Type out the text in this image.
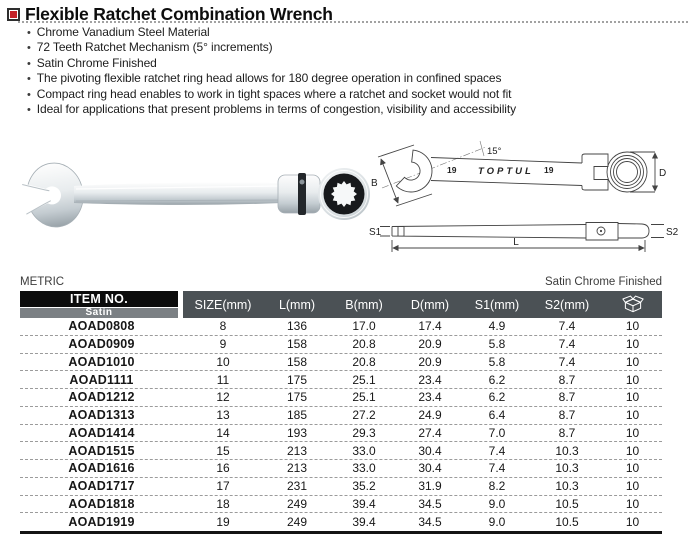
Flexible Ratchet Combination Wrench
• Chrome Vanadium Steel Material
• 72 Teeth Ratchet Mechanism (5° increments)
• Satin Chrome Finished
• The pivoting flexible ratchet ring head allows for 180 degree operation in confined spaces
• Compact ring head enables to work in tight spaces where a ratchet and socket would not fit
• Ideal for applications that present problems in terms of congestion, visibility and accessibility
B
15°
19 TOPTUL 19	D
S1	S2
L
METRIC	Satin Chrome Finished
ITEM NO.
Satin
SIZE(mm)	L(mm)	B(mm)	D(mm)	S1(mm)	S2(mm)
AOAD0808	8	136	17.0	17.4	4.9	7.4	10
AOAD0909	9	158	20.8	20.9	5.8	7.4	10
AOAD1010	10	158	20.8	20.9	5.8	7.4	10
AOAD1111	11	175	25.1	23.4	6.2	8.7	10
AOAD1212	12	175	25.1	23.4	6.2	8.7	10
AOAD1313	13	185	27.2	24.9	6.4	8.7	10
AOAD1414	14	193	29.3	27.4	7.0	8.7	10
AOAD1515	15	213	33.0	30.4	7.4	10.3	10
AOAD1616	16	213	33.0	30.4	7.4	10.3	10
AOAD1717	17	231	35.2	31.9	8.2	10.3	10
AOAD1818	18	249	39.4	34.5	9.0	10.5	10
AOAD1919	19	249	39.4	34.5	9.0	10.5	10
